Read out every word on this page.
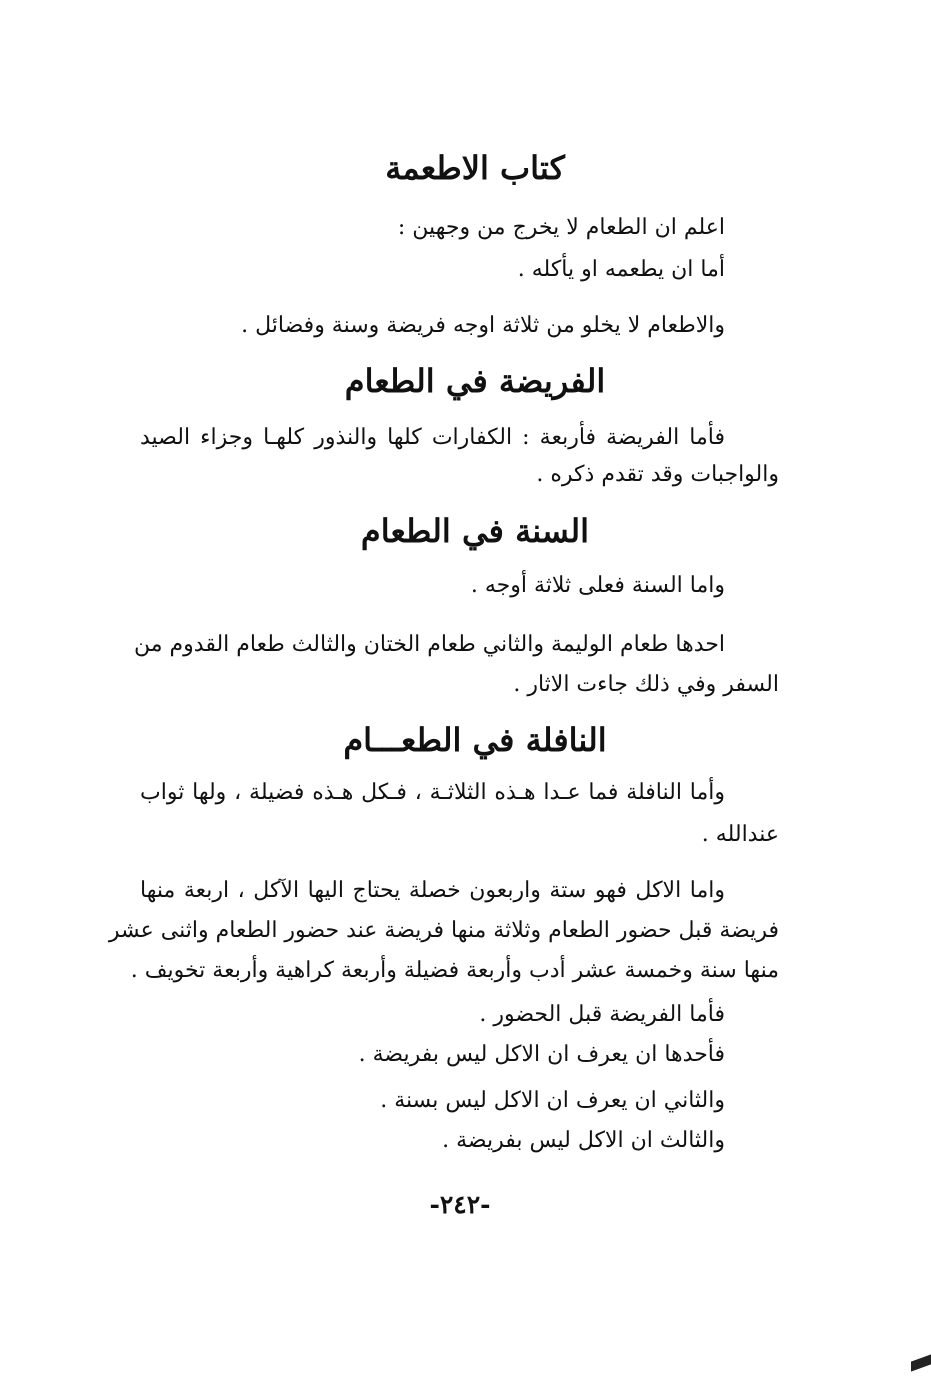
كتاب الاطعمة
اعلم ان الطعام لا يخرج من وجهين :
أما ان يطعمه او يأكله .
والاطعام لا يخلو من ثلاثة اوجه فريضة وسنة وفضائل .
الفريضة في الطعام
فأما الفريضة فأربعة : الكفارات كلها والنذور كلهـا وجزاء الصيد
والواجبات وقد تقدم ذكره .
السنة في الطعام
واما السنة فعلى ثلاثة أوجه .
احدها طعام الوليمة والثاني طعام الختان والثالث طعام القدوم من
السفر وفي ذلك جاءت الاثار .
النافلة في الطعـــام
وأما النافلة فما عـدا هـذه الثلاثـة ، فـكل هـذه فضيلة ، ولها ثواب
عندالله .
واما الاكل فهو ستة واربعون خصلة يحتاج اليها الآكل ، اربعة منها
فريضة قبل حضور الطعام وثلاثة منها فريضة عند حضور الطعام واثنى عشر
منها سنة وخمسة عشر أدب وأربعة فضيلة وأربعة كراهية وأربعة تخويف .
فأما الفريضة قبل الحضور .
فأحدها ان يعرف ان الاكل ليس بفريضة .
والثاني ان يعرف ان الاكل ليس بسنة .
والثالث ان الاكل ليس بفريضة .
-٢٤٢-
